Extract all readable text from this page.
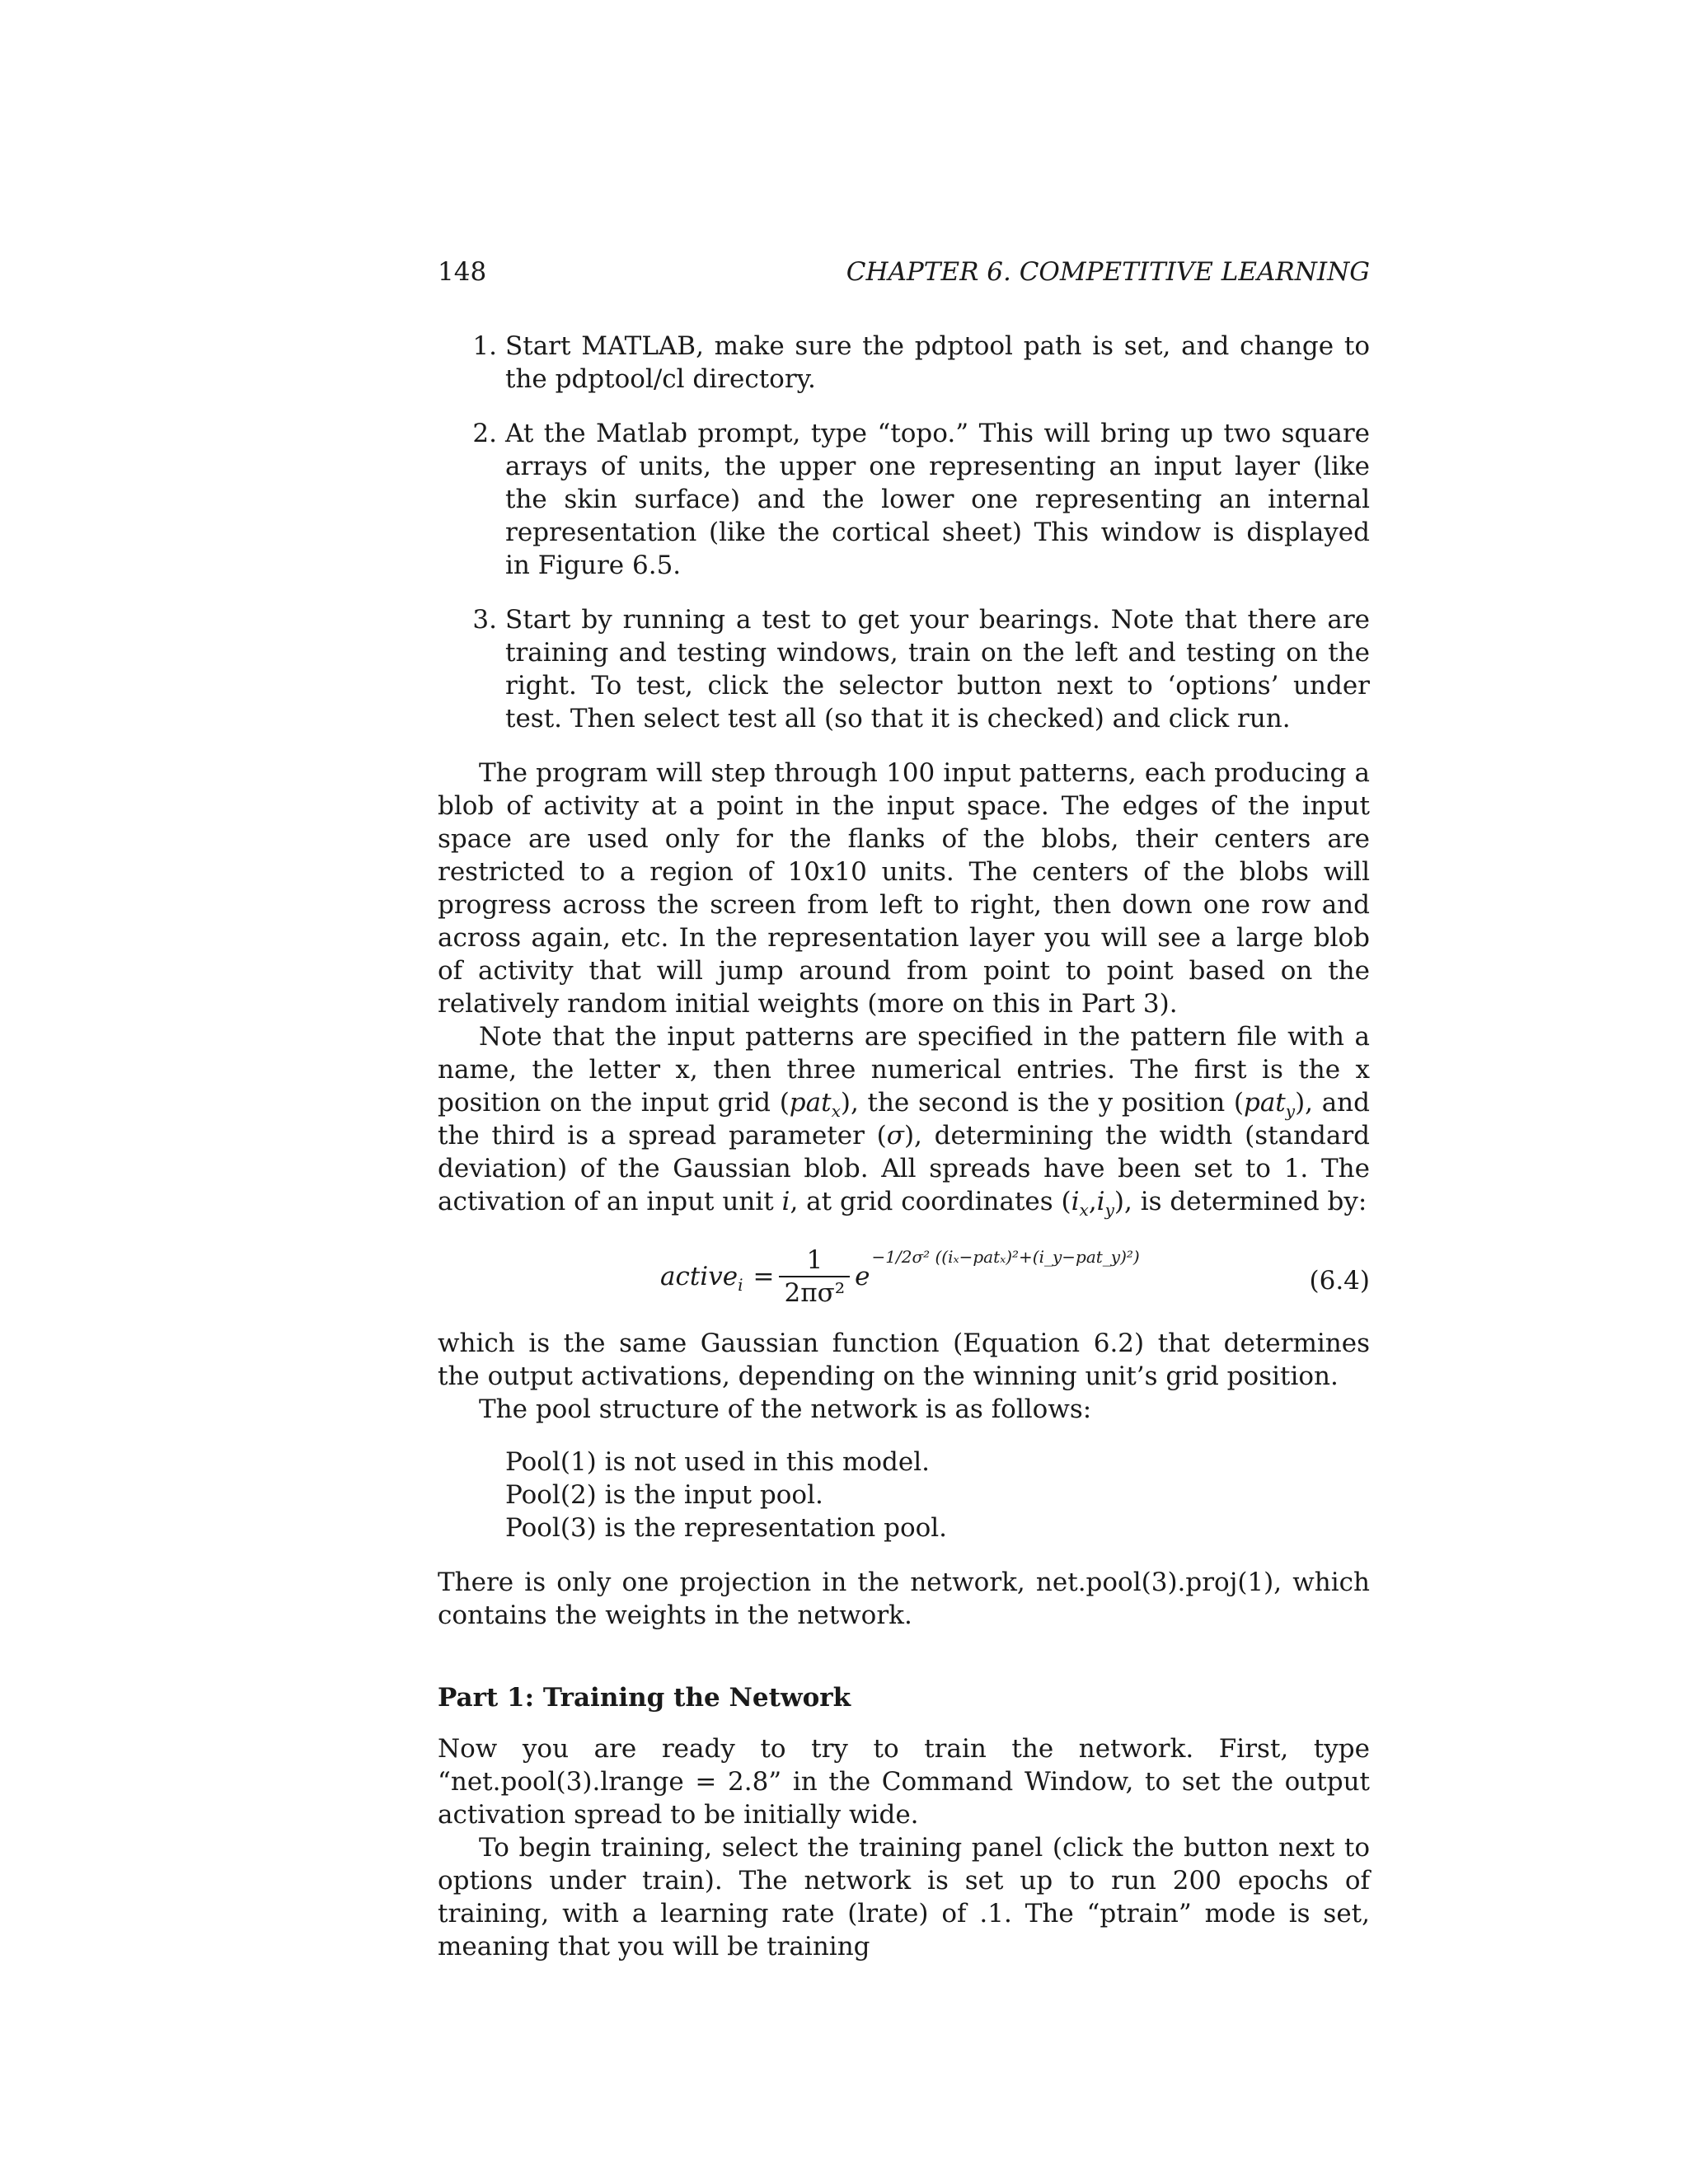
148	CHAPTER 6. COMPETITIVE LEARNING
1. Start MATLAB, make sure the pdptool path is set, and change to the pdptool/cl directory.
2. At the Matlab prompt, type “topo.” This will bring up two square arrays of units, the upper one representing an input layer (like the skin surface) and the lower one representing an internal representation (like the cortical sheet) This window is displayed in Figure 6.5.
3. Start by running a test to get your bearings. Note that there are training and testing windows, train on the left and testing on the right. To test, click the selector button next to ‘options’ under test. Then select test all (so that it is checked) and click run.

The program will step through 100 input patterns, each producing a blob of activity at a point in the input space. The edges of the input space are used only for the flanks of the blobs, their centers are restricted to a region of 10x10 units. The centers of the blobs will progress across the screen from left to right, then down one row and across again, etc. In the representation layer you will see a large blob of activity that will jump around from point to point based on the relatively random initial weights (more on this in Part 3).

Note that the input patterns are specified in the pattern file with a name, the letter x, then three numerical entries. The first is the x position on the input grid (pat$_x$), the second is the y position (pat$_y$), and the third is a spread parameter (σ), determining the width (standard deviation) of the Gaussian blob. All spreads have been set to 1. The activation of an input unit i, at grid coordinates $(i_x,i_y)$, is determined by:

active$_i$ = $\frac{1}{\text{2πσ²}}$ e
−1/2σ² ((iₓ−patₓ)²+(i_y−pat_y)²)
(6.4)

which is the same Gaussian function (Equation 6.2) that determines the output activations, depending on the winning unit’s grid position.

The pool structure of the network is as follows:

Pool(1) is not used in this model.
Pool(2) is the input pool.
Pool(3) is the representation pool.

There is only one projection in the network, net.pool(3).proj(1), which contains the weights in the network.

Part 1: Training the Network

Now you are ready to try to train the network. First, type “net.pool(3).lrange = 2.8” in the Command Window, to set the output activation spread to be initially wide.

To begin training, select the training panel (click the button next to options under train). The network is set up to run 200 epochs of training, with a learning rate (lrate) of .1. The “ptrain” mode is set, meaning that you will be training
